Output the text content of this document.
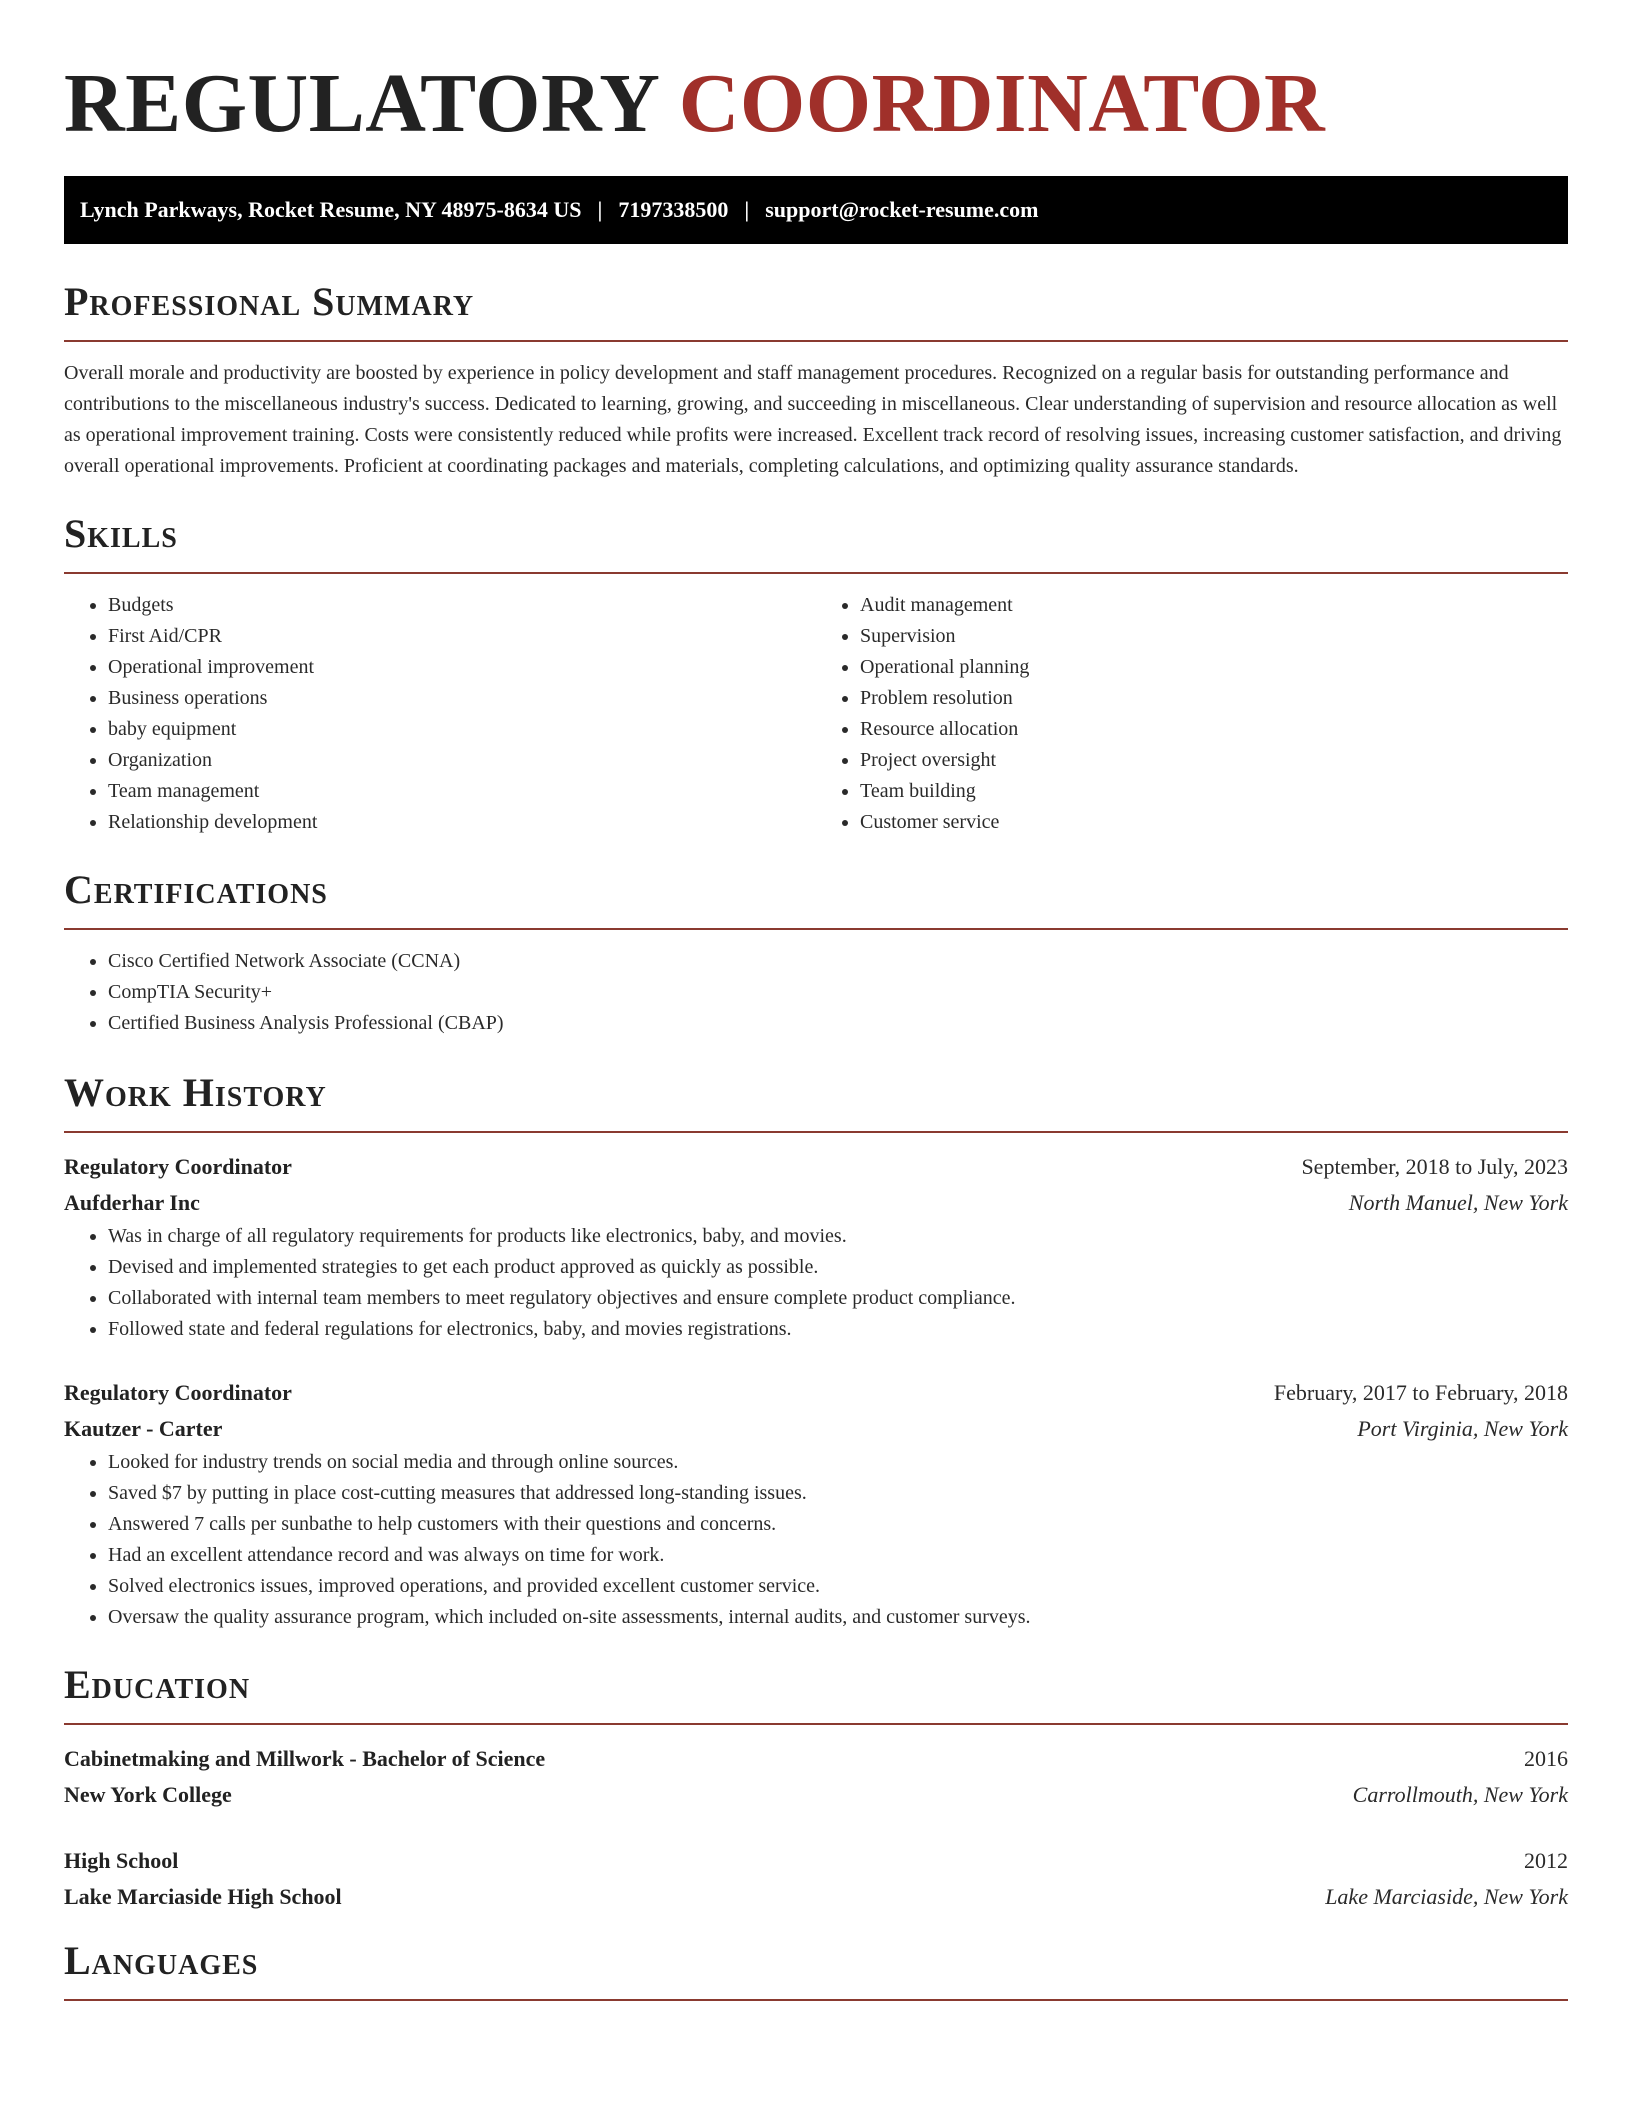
REGULATORY COORDINATOR
Lynch Parkways, Rocket Resume, NY 48975-8634 US | 7197338500 | support@rocket-resume.com
Professional Summary

Overall morale and productivity are boosted by experience in policy development and staff management procedures. Recognized on a regular basis for outstanding performance and contributions to the miscellaneous industry's success. Dedicated to learning, growing, and succeeding in miscellaneous. Clear understanding of supervision and resource allocation as well as operational improvement training. Costs were consistently reduced while profits were increased. Excellent track record of resolving issues, increasing customer satisfaction, and driving overall operational improvements. Proficient at coordinating packages and materials, completing calculations, and optimizing quality assurance standards.

Skills
• Budgets
• First Aid/CPR
• Operational improvement
• Business operations
• baby equipment
• Organization
• Team management
• Relationship development
• Audit management
• Supervision
• Operational planning
• Problem resolution
• Resource allocation
• Project oversight
• Team building
• Customer service
Certifications
• Cisco Certified Network Associate (CCNA)
• CompTIA Security+
• Certified Business Analysis Professional (CBAP)
Work History
Regulatory Coordinator	September, 2018 to July, 2023
Aufderhar Inc	North Manuel, New York
• Was in charge of all regulatory requirements for products like electronics, baby, and movies.
• Devised and implemented strategies to get each product approved as quickly as possible.
• Collaborated with internal team members to meet regulatory objectives and ensure complete product compliance.
• Followed state and federal regulations for electronics, baby, and movies registrations.
Regulatory Coordinator	February, 2017 to February, 2018
Kautzer - Carter	Port Virginia, New York
• Looked for industry trends on social media and through online sources.
• Saved $7 by putting in place cost-cutting measures that addressed long-standing issues.
• Answered 7 calls per sunbathe to help customers with their questions and concerns.
• Had an excellent attendance record and was always on time for work.
• Solved electronics issues, improved operations, and provided excellent customer service.
• Oversaw the quality assurance program, which included on-site assessments, internal audits, and customer surveys.
Education
Cabinetmaking and Millwork - Bachelor of Science	2016
New York College	Carrollmouth, New York
High School	2012
Lake Marciaside High School	Lake Marciaside, New York
Languages
